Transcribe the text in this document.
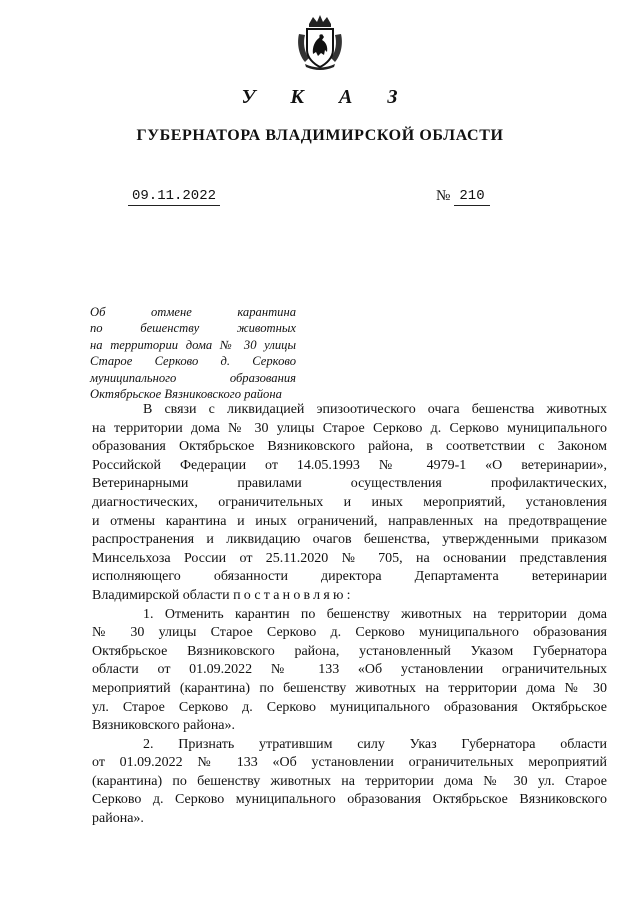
У К А З
ГУБЕРНАТОРА ВЛАДИМИРСКОЙ ОБЛАСТИ
09.11.2022	№ 210
Об отмене карантина
по бешенству животных
на территории дома № 30 улицы
Старое Серково д. Серково
муниципального образования
Октябрьское Вязниковского района
В связи с ликвидацией эпизоотического очага бешенства животных
на территории дома № 30 улицы Старое Серково д. Серково муниципального
образования Октябрьское Вязниковского района, в соответствии с Законом
Российской Федерации от 14.05.1993 № 4979-1 «О ветеринарии»,
Ветеринарными правилами осуществления профилактических,
диагностических, ограничительных и иных мероприятий, установления
и отмены карантина и иных ограничений, направленных на предотвращение
распространения и ликвидацию очагов бешенства, утвержденными приказом
Минсельхоза России от 25.11.2020 № 705, на основании представления
исполняющего обязанности директора Департамента ветеринарии
Владимирской области постановляю:
1. Отменить карантин по бешенству животных на территории дома
№ 30 улицы Старое Серково д. Серково муниципального образования
Октябрьское Вязниковского района, установленный Указом Губернатора
области от 01.09.2022 № 133 «Об установлении ограничительных
мероприятий (карантина) по бешенству животных на территории дома № 30
ул. Старое Серково д. Серково муниципального образования Октябрьское
Вязниковского района».
2. Признать утратившим силу Указ Губернатора области
от 01.09.2022 № 133 «Об установлении ограничительных мероприятий
(карантина) по бешенству животных на территории дома № 30 ул. Старое
Серково д. Серково муниципального образования Октябрьское Вязниковского
района».
